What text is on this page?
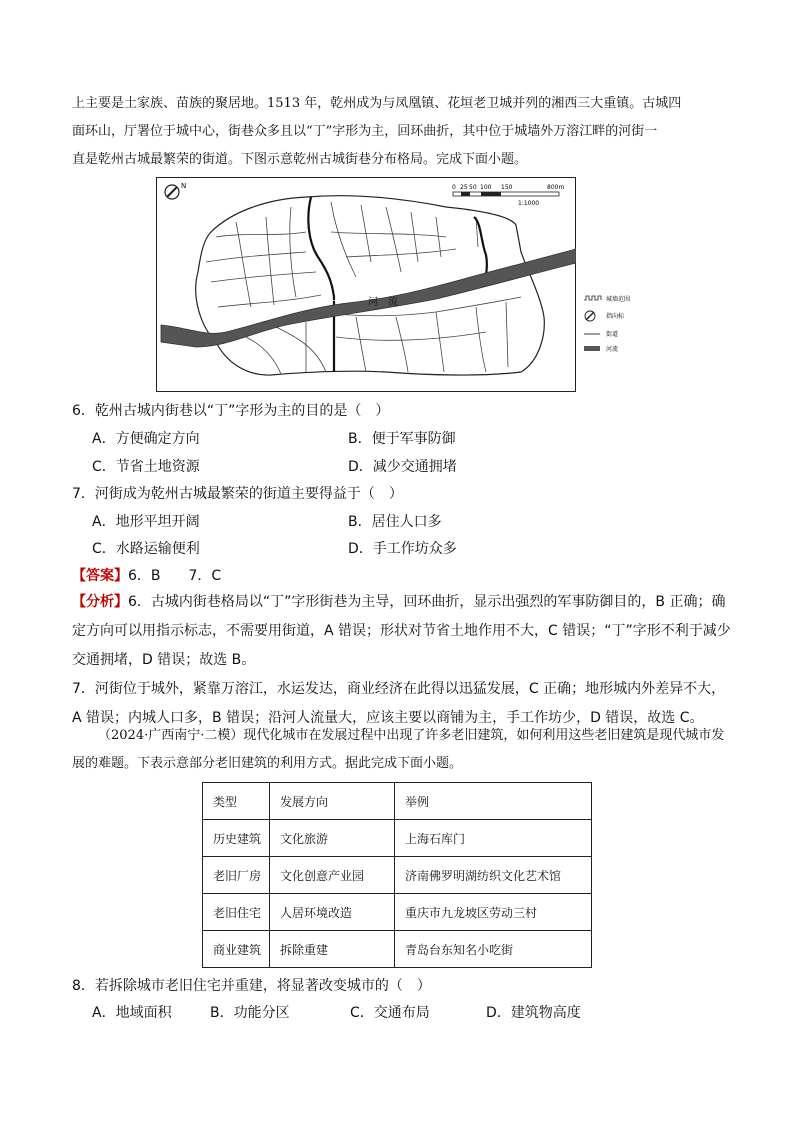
上主要是土家族、苗族的聚居地。1513 年，乾州成为与凤凰镇、花垣老卫城并列的湘西三大重镇。古城四
面环山，厅署位于城中心，街巷众多且以“丁”字形为主，回环曲折，其中位于城墙外万溶江畔的河街一
直是乾州古城最繁荣的街道。下图示意乾州古城街巷分布格局。完成下面小题。
N	0 25 50 100 150	800m
1:1000
河　流	城墙范围
指向标
街道
河流
6．乾州古城内街巷以“丁”字形为主的目的是（　）
A．方便确定方向	B．便于军事防御
C．节省土地资源	D．减少交通拥堵
7．河街成为乾州古城最繁荣的街道主要得益于（　）
A．地形平坦开阔	B．居住人口多
C．水路运输便利	D．手工作坊众多
【答案】6．B　　7．C

【分析】6．古城内街巷格局以“丁”字形街巷为主导，回环曲折，显示出强烈的军事防御目的，B 正确；确定方向可以用指示标志，不需要用街道，A 错误；形状对节省土地作用不大，C 错误；“丁”字形不利于减少交通拥堵，D 错误；故选 B。

7．河街位于城外，紧靠万溶江，水运发达，商业经济在此得以迅猛发展，C 正确；地形城内外差异不大，A 错误；内城人口多，B 错误；沿河人流量大，应该主要以商铺为主，手工作坊少，D 错误，故选 C。

（2024·广西南宁·二模）现代化城市在发展过程中出现了许多老旧建筑，如何利用这些老旧建筑是现代城市发展的难题。下表示意部分老旧建筑的利用方式。据此完成下面小题。
类型	发展方向	举例
历史建筑	文化旅游	上海石库门
老旧厂房	文化创意产业园	济南佛罗明湖纺织文化艺术馆
老旧住宅	人居环境改造	重庆市九龙坡区劳动三村
商业建筑	拆除重建	青岛台东知名小吃街
8．若拆除城市老旧住宅并重建，将显著改变城市的（　）
A．地域面积	B．功能分区	C．交通布局	D．建筑物高度
